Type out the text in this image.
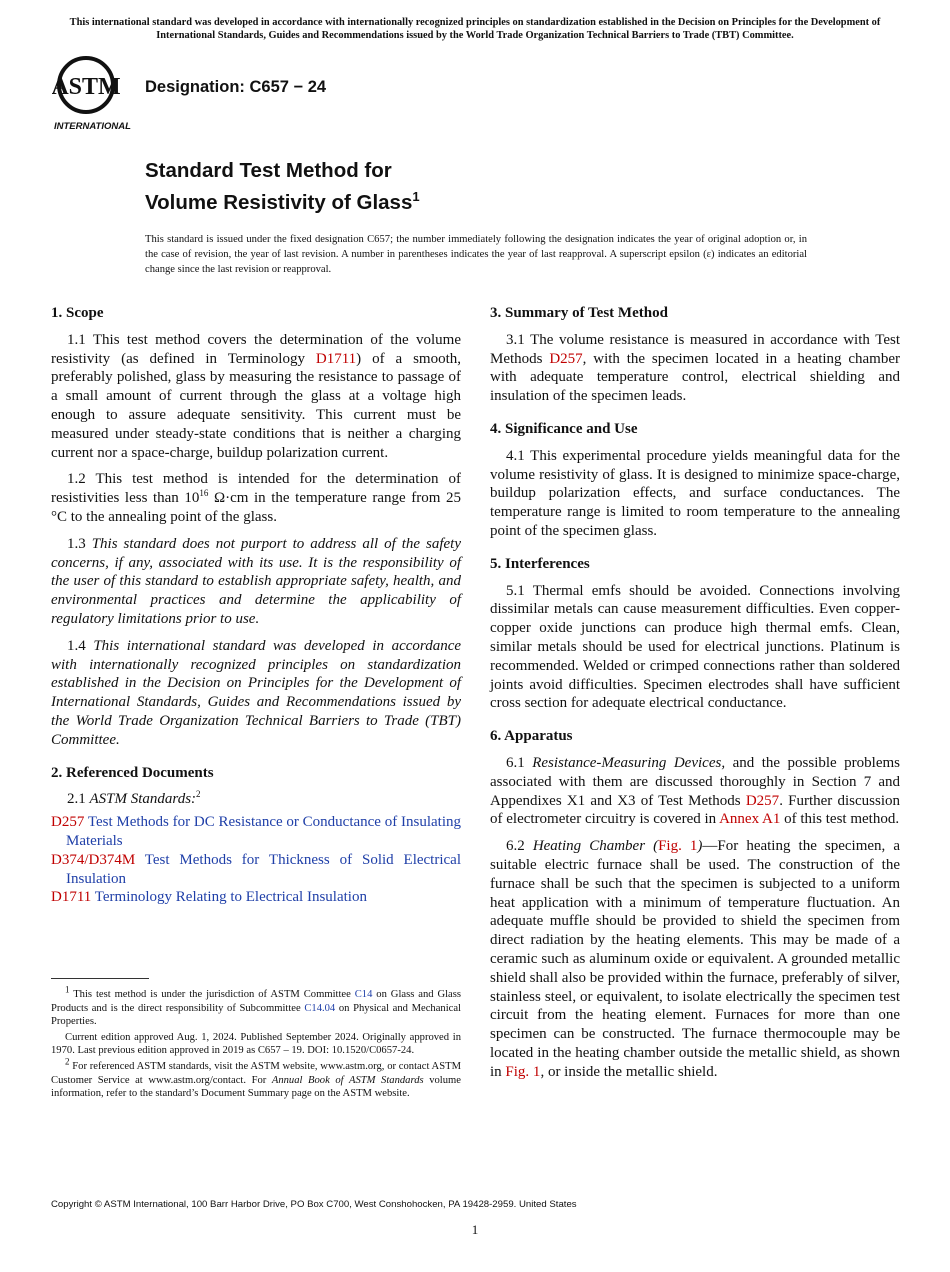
This international standard was developed in accordance with internationally recognized principles on standardization established in the Decision on Principles for the Development of International Standards, Guides and Recommendations issued by the World Trade Organization Technical Barriers to Trade (TBT) Committee.
ASTM
INTERNATIONAL
Designation: C657 − 24
Standard Test Method for
Volume Resistivity of Glass$^1$
This standard is issued under the fixed designation C657; the number immediately following the designation indicates the year of original adoption or, in the case of revision, the year of last revision. A number in parentheses indicates the year of last reapproval. A superscript epsilon (ε) indicates an editorial change since the last revision or reapproval.
1. Scope

1.1 This test method covers the determination of the volume resistivity (as defined in Terminology D1711) of a smooth, preferably polished, glass by measuring the resistance to passage of a small amount of current through the glass at a voltage high enough to assure adequate sensitivity. This current must be measured under steady-state conditions that is neither a charging current nor a space-charge, buildup polarization current.

1.2 This test method is intended for the determination of resistivities less than $10^{16}$ Ω·cm in the temperature range from 25 °C to the annealing point of the glass.

1.3 This standard does not purport to address all of the safety concerns, if any, associated with its use. It is the responsibility of the user of this standard to establish appropriate safety, health, and environmental practices and determine the applicability of regulatory limitations prior to use.

1.4 This international standard was developed in accordance with internationally recognized principles on standardization established in the Decision on Principles for the Development of International Standards, Guides and Recommendations issued by the World Trade Organization Technical Barriers to Trade (TBT) Committee.

2. Referenced Documents

2.1 ASTM Standards:$^2$

D257 Test Methods for DC Resistance or Conductance of Insulating Materials
D374/D374M Test Methods for Thickness of Solid Electrical Insulation
D1711 Terminology Relating to Electrical Insulation

$^1$ This test method is under the jurisdiction of ASTM Committee C14 on Glass and Glass Products and is the direct responsibility of Subcommittee C14.04 on Physical and Mechanical Properties.

Current edition approved Aug. 1, 2024. Published September 2024. Originally approved in 1970. Last previous edition approved in 2019 as C657 – 19. DOI: 10.1520/C0657-24.

$^2$ For referenced ASTM standards, visit the ASTM website, www.astm.org, or contact ASTM Customer Service at www.astm.org/contact. For Annual Book of ASTM Standards volume information, refer to the standard’s Document Summary page on the ASTM website.

3. Summary of Test Method

3.1 The volume resistance is measured in accordance with Test Methods D257, with the specimen located in a heating chamber with adequate temperature control, electrical shielding and insulation of the specimen leads.

4. Significance and Use

4.1 This experimental procedure yields meaningful data for the volume resistivity of glass. It is designed to minimize space-charge, buildup polarization effects, and surface conductances. The temperature range is limited to room temperature to the annealing point of the specimen glass.

5. Interferences

5.1 Thermal emfs should be avoided. Connections involving dissimilar metals can cause measurement difficulties. Even copper-copper oxide junctions can produce high thermal emfs. Clean, similar metals should be used for electrical junctions. Platinum is recommended. Welded or crimped connections rather than soldered joints avoid difficulties. Specimen electrodes shall have sufficient cross section for adequate electrical conductance.

6. Apparatus

6.1 Resistance-Measuring Devices, and the possible problems associated with them are discussed thoroughly in Section 7 and Appendixes X1 and X3 of Test Methods D257. Further discussion of electrometer circuitry is covered in Annex A1 of this test method.

6.2 Heating Chamber (Fig. 1)—For heating the specimen, a suitable electric furnace shall be used. The construction of the furnace shall be such that the specimen is subjected to a uniform heat application with a minimum of temperature fluctuation. An adequate muffle should be provided to shield the specimen from direct radiation by the heating elements. This may be made of a ceramic such as aluminum oxide or equivalent. A grounded metallic shield shall also be provided within the furnace, preferably of silver, stainless steel, or equivalent, to isolate electrically the specimen test circuit from the heating element. Furnaces for more than one specimen can be constructed. The furnace thermocouple may be located in the heating chamber outside the metallic shield, as shown in Fig. 1, or inside the metallic shield.

Copyright © ASTM International, 100 Barr Harbor Drive, PO Box C700, West Conshohocken, PA 19428-2959. United States
1
